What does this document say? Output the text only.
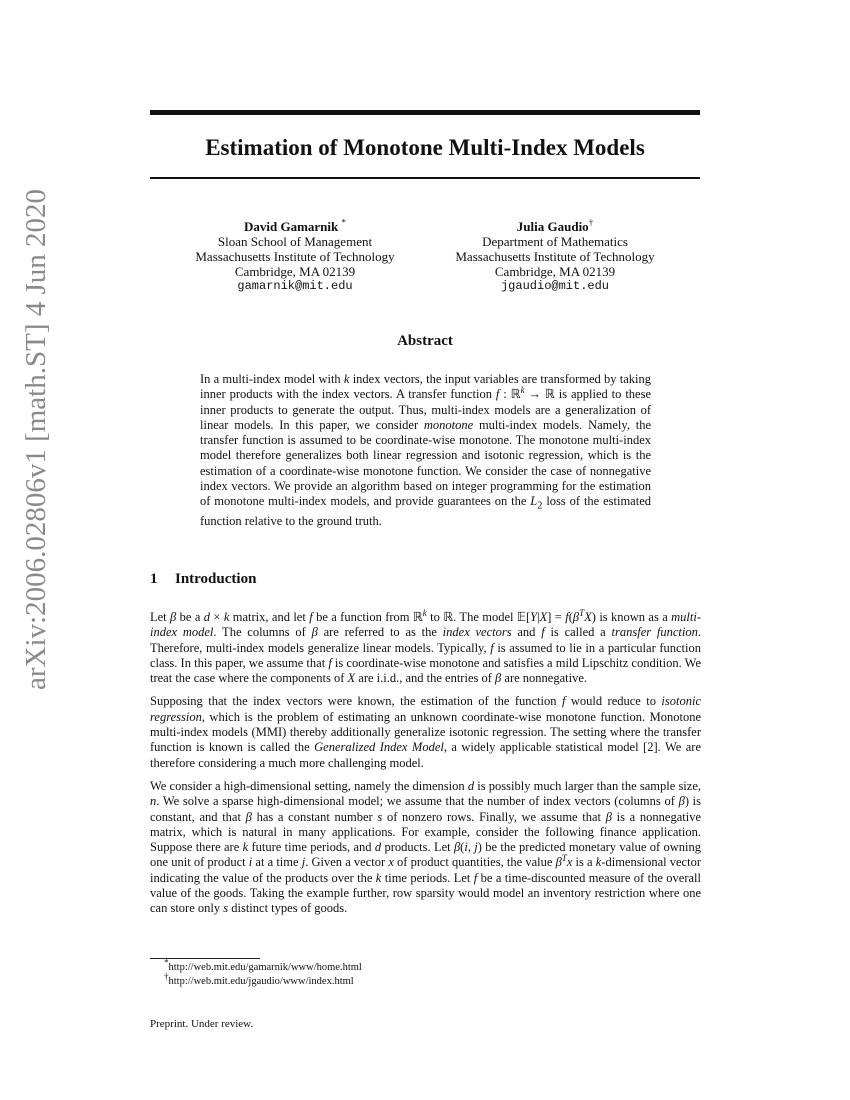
arXiv:2006.02806v1 [math.ST] 4 Jun 2020
Estimation of Monotone Multi-Index Models
David Gamarnik *
Sloan School of Management
Massachusetts Institute of Technology
Cambridge, MA 02139
gamarnik@mit.edu
Julia Gaudio†
Department of Mathematics
Massachusetts Institute of Technology
Cambridge, MA 02139
jgaudio@mit.edu
Abstract

In a multi-index model with k index vectors, the input variables are transformed by taking inner products with the index vectors. A transfer function f : ℝ$^k$ → ℝ is applied to these inner products to generate the output. Thus, multi-index models are a generalization of linear models. In this paper, we consider monotone multi-index models. Namely, the transfer function is assumed to be coordinate-wise monotone. The monotone multi-index model therefore generalizes both linear regression and isotonic regression, which is the estimation of a coordinate-wise monotone function. We consider the case of nonnegative index vectors. We provide an algorithm based on integer programming for the estimation of monotone multi-index models, and provide guarantees on the $L_2$ loss of the estimated function relative to the ground truth.

1 Introduction

Let β be a d × k matrix, and let f be a function from ℝ$^k$ to ℝ. The model 𝔼[Y|X] = $f(\beta^TX)$ is known as a multi-index model. The columns of β are referred to as the index vectors and f is called a transfer function. Therefore, multi-index models generalize linear models. Typically, f is assumed to lie in a particular function class. In this paper, we assume that f is coordinate-wise monotone and satisfies a mild Lipschitz condition. We treat the case where the components of X are i.i.d., and the entries of β are nonnegative.

Supposing that the index vectors were known, the estimation of the function f would reduce to isotonic regression, which is the problem of estimating an unknown coordinate-wise monotone function. Monotone multi-index models (MMI) thereby additionally generalize isotonic regression. The setting where the transfer function is known is called the Generalized Index Model, a widely applicable statistical model [2]. We are therefore considering a much more challenging model.

We consider a high-dimensional setting, namely the dimension d is possibly much larger than the sample size, n. We solve a sparse high-dimensional model; we assume that the number of index vectors (columns of β) is constant, and that β has a constant number s of nonzero rows. Finally, we assume that β is a nonnegative matrix, which is natural in many applications. For example, consider the following finance application. Suppose there are k future time periods, and d products. Let β(i, j) be the predicted monetary value of owning one unit of product i at a time j. Given a vector x of product quantities, the value $\beta^Tx$ is a k-dimensional vector indicating the value of the products over the k time periods. Let f be a time-discounted measure of the overall value of the goods. Taking the example further, row sparsity would model an inventory restriction where one can store only s distinct types of goods.

*http://web.mit.edu/gamarnik/www/home.html
†http://web.mit.edu/jgaudio/www/index.html
Preprint. Under review.
